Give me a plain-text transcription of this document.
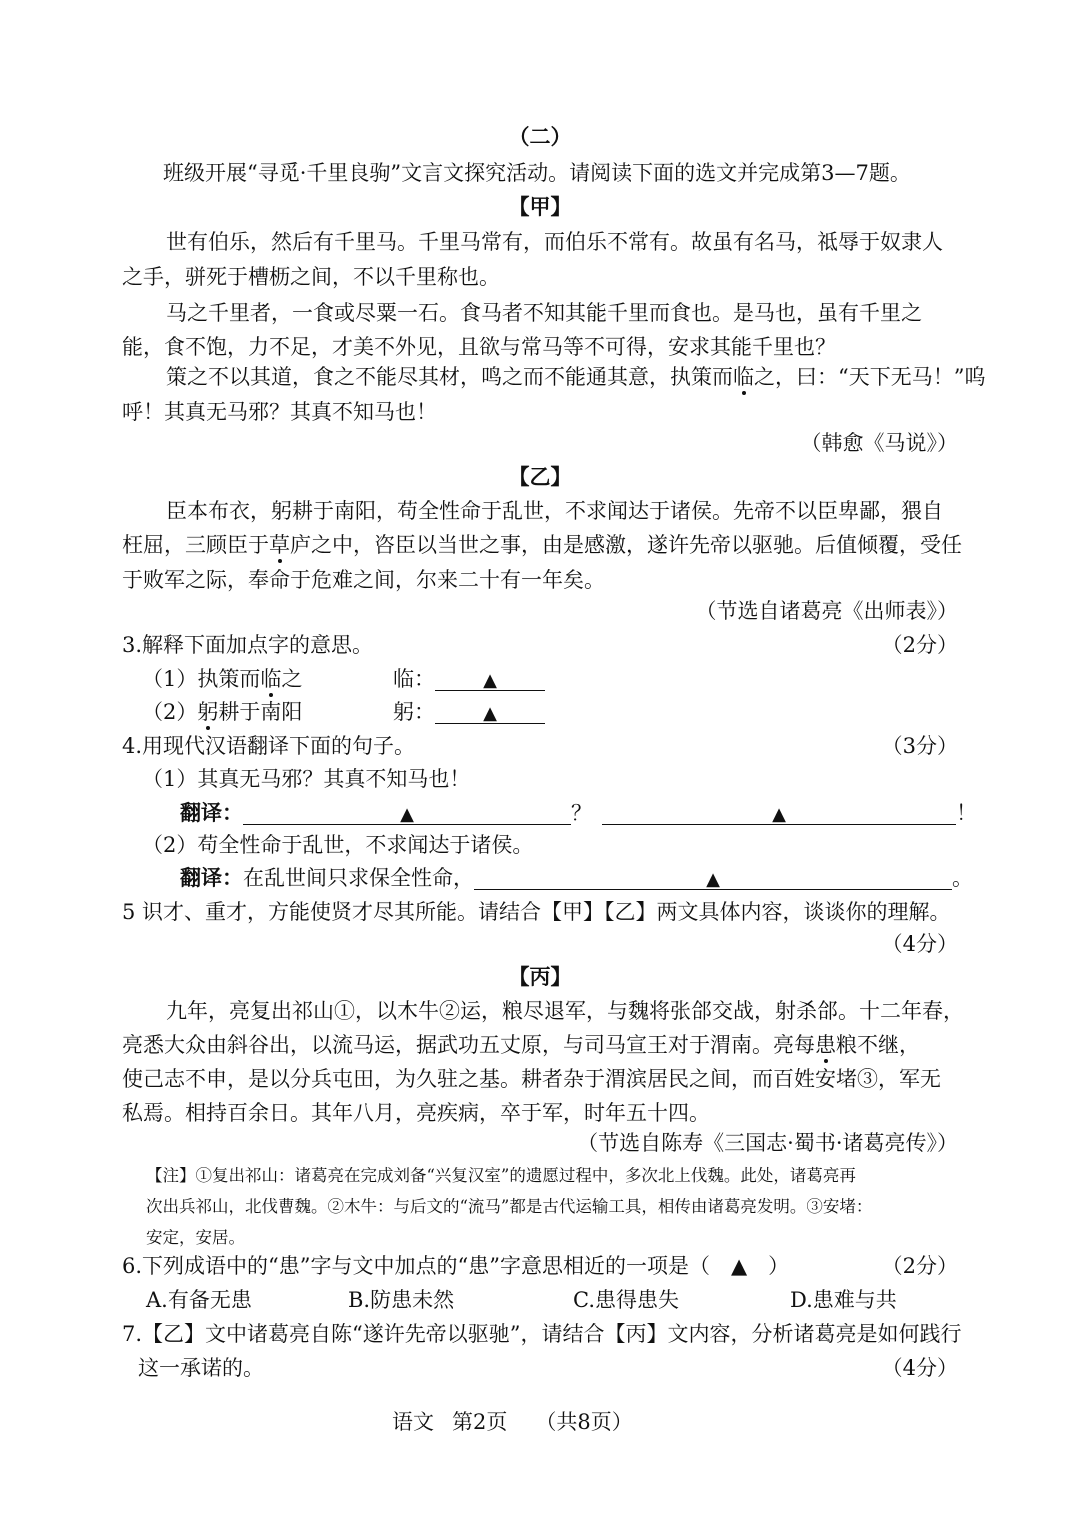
（二）
班级开展“寻觅·千里良驹”文言文探究活动。请阅读下面的选文并完成第3—7题。
【甲】
世有伯乐，然后有千里马。千里马常有，而伯乐不常有。故虽有名马，祗辱于奴隶人
之手，骈死于槽枥之间，不以千里称也。
马之千里者，一食或尽粟一石。食马者不知其能千里而食也。是马也，虽有千里之
能，食不饱，力不足，才美不外见，且欲与常马等不可得，安求其能千里也？
策之不以其道，食之不能尽其材，鸣之而不能通其意，执策而临之，曰：“天下无马！”呜
呼！其真无马邪？其真不知马也！
（韩愈《马说》）
【乙】
臣本布衣，躬耕于南阳，苟全性命于乱世，不求闻达于诸侯。先帝不以臣卑鄙，猥自
枉屈，三顾臣于草庐之中，咨臣以当世之事，由是感激，遂许先帝以驱驰。后值倾覆，受任
于败军之际，奉命于危难之间，尔来二十有一年矣。
（节选自诸葛亮《出师表》）
3.解释下面加点字的意思。	（2分）
（1）执策而临之	临：	▲
（2）躬耕于南阳	躬：	▲
4.用现代汉语翻译下面的句子。	（3分）
（1）其真无马邪？其真不知马也！
翻译：	▲	？	▲	！
（2）苟全性命于乱世，不求闻达于诸侯。
翻译：在乱世间只求保全性命，	▲	。
5 识才、重才，方能使贤才尽其所能。请结合【甲】【乙】两文具体内容，谈谈你的理解。
（4分）
【丙】
九年，亮复出祁山①，以木牛②运，粮尽退军，与魏将张郃交战，射杀郃。十二年春，
亮悉大众由斜谷出，以流马运，据武功五丈原，与司马宣王对于渭南。亮每患粮不继，
使己志不申，是以分兵屯田，为久驻之基。耕者杂于渭滨居民之间，而百姓安堵③，军无
私焉。相持百余日。其年八月，亮疾病，卒于军，时年五十四。
（节选自陈寿《三国志·蜀书·诸葛亮传》）
【注】①复出祁山：诸葛亮在完成刘备“兴复汉室”的遗愿过程中，多次北上伐魏。此处，诸葛亮再
次出兵祁山，北伐曹魏。②木牛：与后文的“流马”都是古代运输工具，相传由诸葛亮发明。③安堵：
安定，安居。
6.下列成语中的“患”字与文中加点的“患”字意思相近的一项是（　▲　）	（2分）
A.有备无患	B.防患未然	C.患得患失	D.患难与共
7.【乙】文中诸葛亮自陈“遂许先帝以驱驰”，请结合【丙】文内容，分析诸葛亮是如何践行
这一承诺的。	（4分）
语文 第2页 （共8页）
